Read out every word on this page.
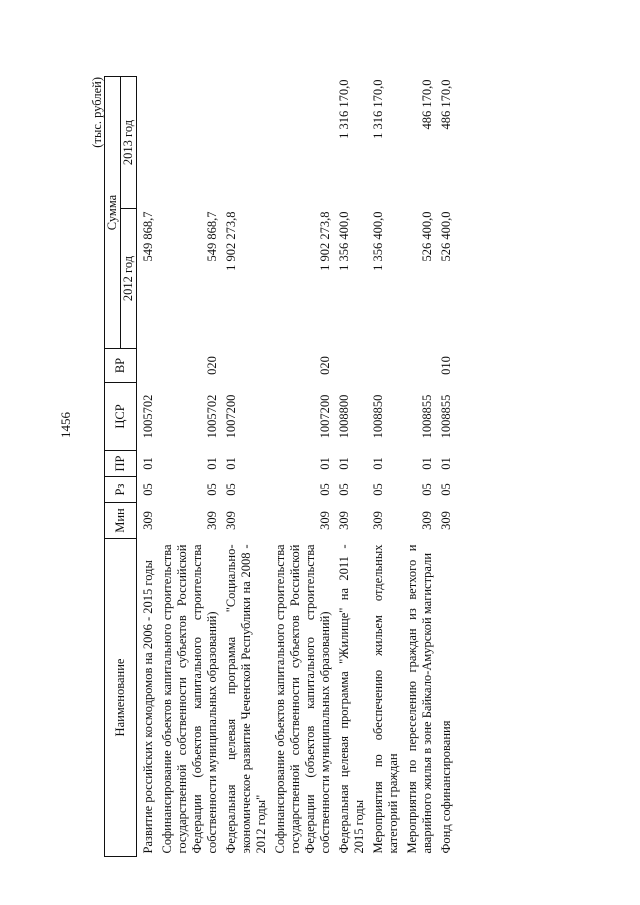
1456
(тыс. рублей)
Наименование	Мин	Рз	ПР	ЦСР	ВР	Сумма	
						2012 год	2013 год
Развитие российских космодромов на 2006 - 2015 годы	309	05	01	1005702		549 868,7	
Софинансирование объектов капитального строительства государственной собственности субъектов Российской Федерации (объектов капитального строительства собственности муниципальных образований)	309	05	01	1005702	020	549 868,7	
Федеральная целевая программа "Социально-экономическое развитие Чеченской Республики на 2008 - 2012 годы"	309	05	01	1007200		1 902 273,8	
Софинансирование объектов капитального строительства государственной собственности субъектов Российской Федерации (объектов капитального строительства собственности муниципальных образований)	309	05	01	1007200	020	1 902 273,8	
Федеральная целевая программа "Жилище" на 2011 - 2015 годы	309	05	01	1008800		1 356 400,0	1 316 170,0
Мероприятия по обеспечению жильем отдельных категорий граждан	309	05	01	1008850		1 356 400,0	1 316 170,0
Мероприятия по переселению граждан из ветхого и аварийного жилья в зоне Байкало-Амурской магистрали	309	05	01	1008855		526 400,0	486 170,0
Фонд софинансирования	309	05	01	1008855	010	526 400,0	486 170,0
